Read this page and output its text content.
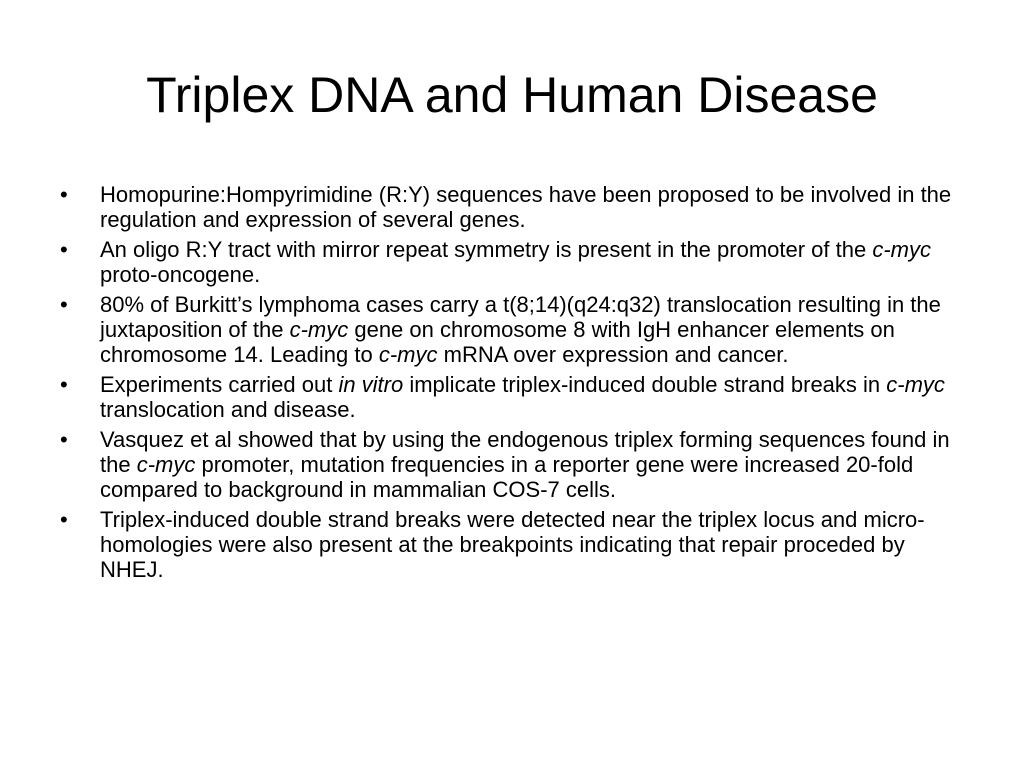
Triplex DNA and Human Disease
•	Homopurine:Hompyrimidine (R:Y) sequences have been proposed to be involved in the regulation and expression of several genes.
•	An oligo R:Y tract with mirror repeat symmetry is present in the promoter of the c-myc proto-oncogene.
•	80% of Burkitt’s lymphoma cases carry a t(8;14)(q24:q32) translocation resulting in the juxtaposition of the c-myc gene on chromosome 8 with IgH enhancer elements on chromosome 14. Leading to c-myc mRNA over expression and cancer.
•	Experiments carried out in vitro implicate triplex-induced double strand breaks in c-myc translocation and disease.
•	Vasquez et al showed that by using the endogenous triplex forming sequences found in the c-myc promoter, mutation frequencies in a reporter gene were increased 20-fold compared to background in mammalian COS-7 cells.
•	Triplex-induced double strand breaks were detected near the triplex locus and micro-homologies were also present at the breakpoints indicating that repair proceded by NHEJ.
